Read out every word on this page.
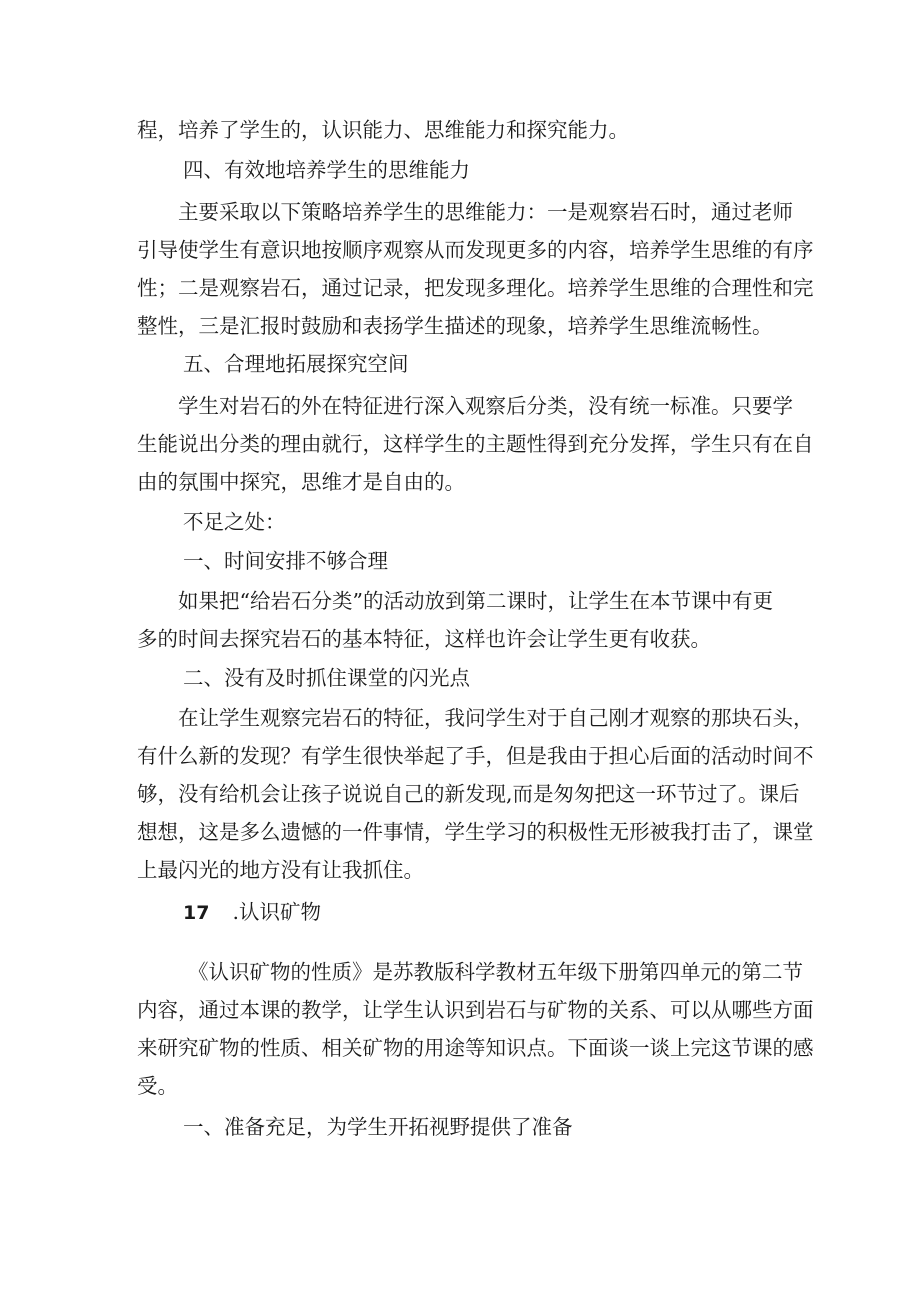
程，培养了学生的，认识能力、思维能力和探究能力。

四、有效地培养学生的思维能力

主要采取以下策略培养学生的思维能力：一是观察岩石时，通过老师
引导使学生有意识地按顺序观察从而发现更多的内容，培养学生思维的有序
性；二是观察岩石，通过记录，把发现多理化。培养学生思维的合理性和完
整性，三是汇报时鼓励和表扬学生描述的现象，培养学生思维流畅性。

五、合理地拓展探究空间

学生对岩石的外在特征进行深入观察后分类，没有统一标准。只要学
生能说出分类的理由就行，这样学生的主题性得到充分发挥，学生只有在自
由的氛围中探究，思维才是自由的。

不足之处：

一、时间安排不够合理

如果把“给岩石分类”的活动放到第二课时，让学生在本节课中有更
多的时间去探究岩石的基本特征，这样也许会让学生更有收获。

二、没有及时抓住课堂的闪光点

在让学生观察完岩石的特征，我问学生对于自己刚才观察的那块石头，
有什么新的发现？有学生很快举起了手，但是我由于担心后面的活动时间不
够，没有给机会让孩子说说自己的新发现,而是匆匆把这一环节过了。课后
想想，这是多么遗憾的一件事情，学生学习的积极性无形被我打击了，课堂
上最闪光的地方没有让我抓住。

17 .认识矿物

《认识矿物的性质》是苏教版科学教材五年级下册第四单元的第二节
内容，通过本课的教学，让学生认识到岩石与矿物的关系、可以从哪些方面
来研究矿物的性质、相关矿物的用途等知识点。下面谈一谈上完这节课的感
受。

一、准备充足，为学生开拓视野提供了准备
